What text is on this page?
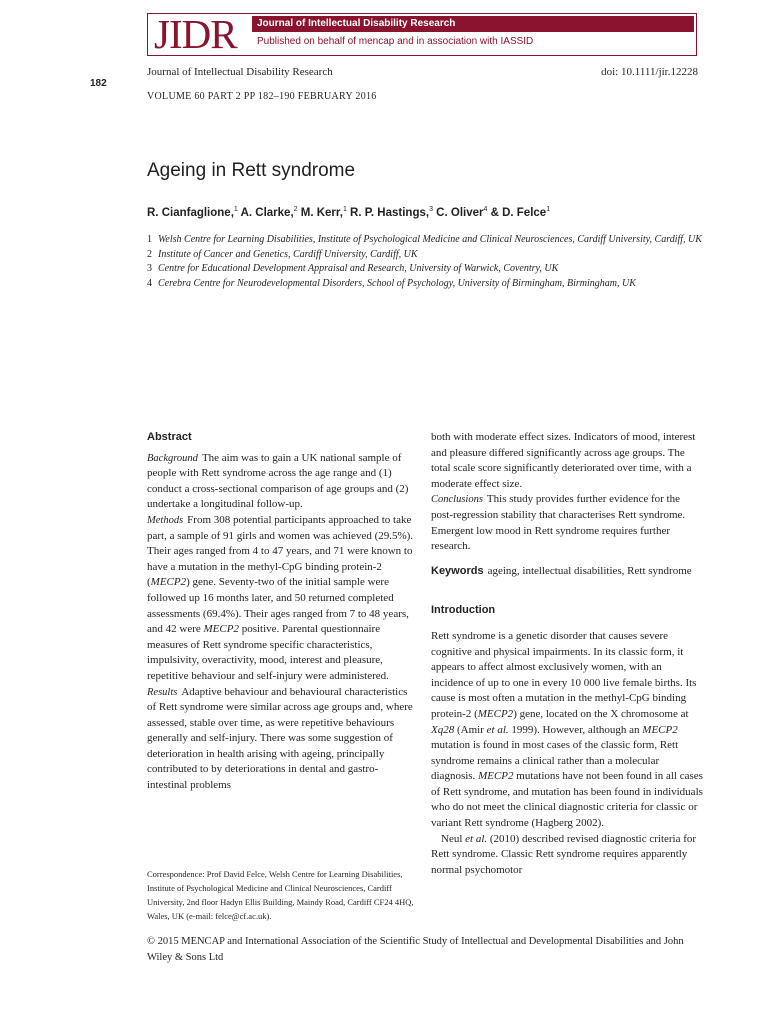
JIDR	Journal of Intellectual Disability Research
Published on behalf of mencap and in association with IASSID
182
Journal of Intellectual Disability Research	doi: 10.1111/jir.12228
VOLUME 60 PART 2 PP 182–190 FEBRUARY 2016
Ageing in Rett syndrome
R. Cianfaglione,$^1$ A. Clarke,$^2$ M. Kerr,$^1$ R. P. Hastings,$^3$ C. Oliver$^4$ & D. Felce$^1$
1 Welsh Centre for Learning Disabilities, Institute of Psychological Medicine and Clinical Neurosciences, Cardiff University, Cardiff, UK
2 Institute of Cancer and Genetics, Cardiff University, Cardiff, UK
3 Centre for Educational Development Appraisal and Research, University of Warwick, Coventry, UK
4 Cerebra Centre for Neurodevelopmental Disorders, School of Psychology, University of Birmingham, Birmingham, UK

Abstract

Background The aim was to gain a UK national sample of people with Rett syndrome across the age range and (1) conduct a cross-sectional comparison of age groups and (2) undertake a longitudinal follow-up.

Methods From 308 potential participants approached to take part, a sample of 91 girls and women was achieved (29.5%). Their ages ranged from 4 to 47 years, and 71 were known to have a mutation in the methyl-CpG binding protein-2 (MECP2) gene. Seventy-two of the initial sample were followed up 16 months later, and 50 returned completed assessments (69.4%). Their ages ranged from 7 to 48 years, and 42 were MECP2 positive. Parental questionnaire measures of Rett syndrome specific characteristics, impulsivity, overactivity, mood, interest and pleasure, repetitive behaviour and self-injury were administered.

Results Adaptive behaviour and behavioural characteristics of Rett syndrome were similar across age groups and, where assessed, stable over time, as were repetitive behaviours generally and self-injury. There was some suggestion of deterioration in health arising with ageing, principally contributed to by deteriorations in dental and gastro-intestinal problems

both with moderate effect sizes. Indicators of mood, interest and pleasure differed significantly across age groups. The total scale score significantly deteriorated over time, with a moderate effect size.

Conclusions This study provides further evidence for the post-regression stability that characterises Rett syndrome. Emergent low mood in Rett syndrome requires further research.

Keywords ageing, intellectual disabilities, Rett syndrome

Introduction

Rett syndrome is a genetic disorder that causes severe cognitive and physical impairments. In its classic form, it appears to affect almost exclusively women, with an incidence of up to one in every 10 000 live female births. Its cause is most often a mutation in the methyl-CpG binding protein-2 (MECP2) gene, located on the X chromosome at Xq28 (Amir et al. 1999). However, although an MECP2 mutation is found in most cases of the classic form, Rett syndrome remains a clinical rather than a molecular diagnosis. MECP2 mutations have not been found in all cases of Rett syndrome, and mutation has been found in individuals who do not meet the clinical diagnostic criteria for classic or variant Rett syndrome (Hagberg 2002).

Neul et al. (2010) described revised diagnostic criteria for Rett syndrome. Classic Rett syndrome requires apparently normal psychomotor

Correspondence: Prof David Felce, Welsh Centre for Learning Disabilities, Institute of Psychological Medicine and Clinical Neurosciences, Cardiff University, 2nd floor Hadyn Ellis Building, Maindy Road, Cardiff CF24 4HQ, Wales, UK (e-mail: felce@cf.ac.uk).
© 2015 MENCAP and International Association of the Scientific Study of Intellectual and Developmental Disabilities and John Wiley & Sons Ltd
